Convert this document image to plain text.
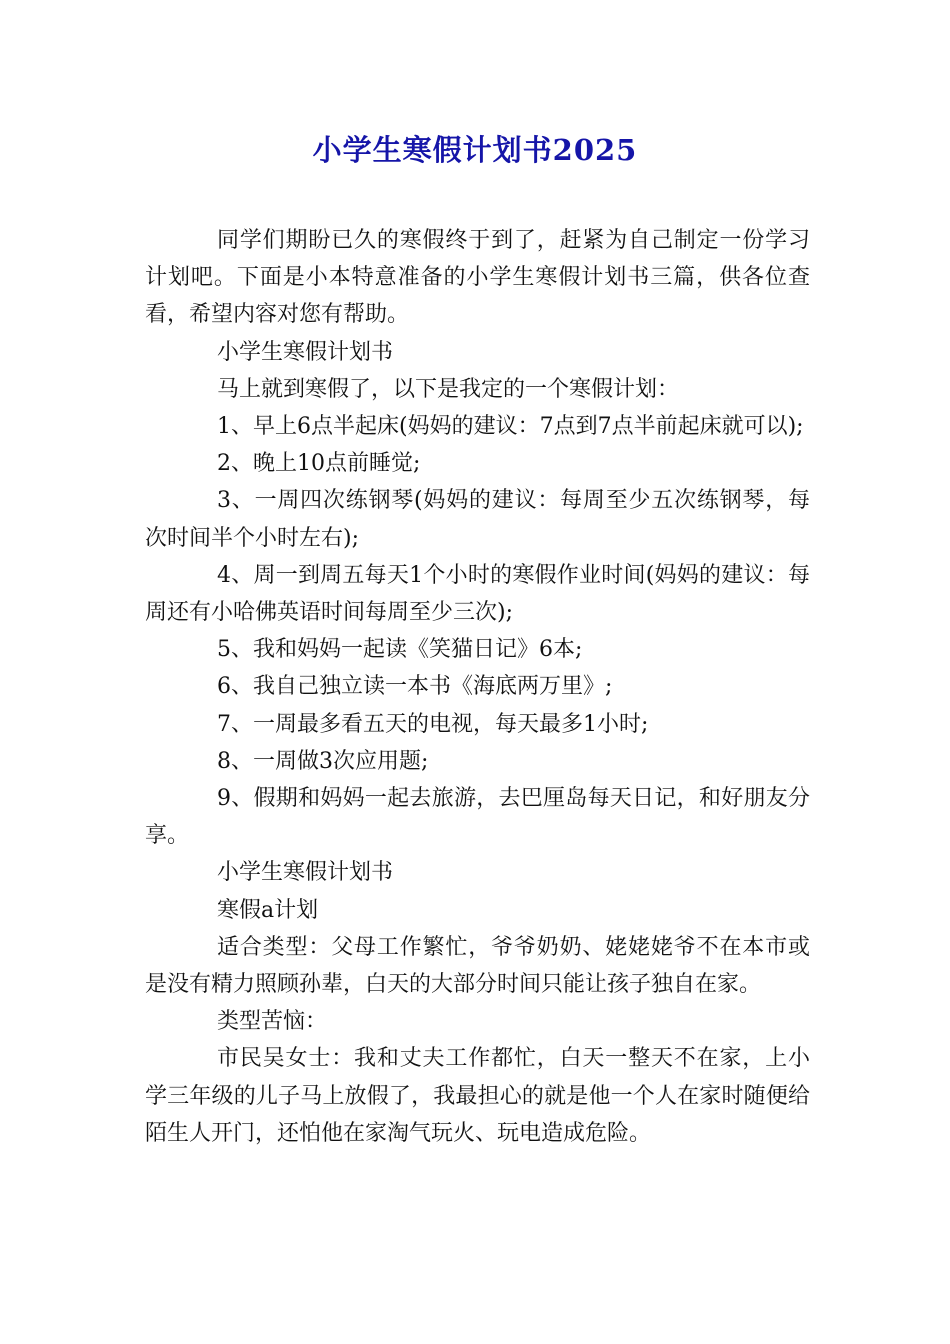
小学生寒假计划书2025

同学们期盼已久的寒假终于到了，赶紧为自己制定一份学习计划吧。下面是小本特意准备的小学生寒假计划书三篇，供各位查看，希望内容对您有帮助。

小学生寒假计划书

马上就到寒假了，以下是我定的一个寒假计划：

1、早上6点半起床(妈妈的建议：7点到7点半前起床就可以);

2、晚上10点前睡觉;

3、一周四次练钢琴(妈妈的建议：每周至少五次练钢琴，每次时间半个小时左右);

4、周一到周五每天1个小时的寒假作业时间(妈妈的建议：每周还有小哈佛英语时间每周至少三次);

5、我和妈妈一起读《笑猫日记》6本;

6、我自己独立读一本书《海底两万里》;

7、一周最多看五天的电视，每天最多1小时;

8、一周做3次应用题;

9、假期和妈妈一起去旅游，去巴厘岛每天日记，和好朋友分享。

小学生寒假计划书

寒假a计划

适合类型：父母工作繁忙，爷爷奶奶、姥姥姥爷不在本市或是没有精力照顾孙辈，白天的大部分时间只能让孩子独自在家。

类型苦恼：

市民吴女士：我和丈夫工作都忙，白天一整天不在家，上小学三年级的儿子马上放假了，我最担心的就是他一个人在家时随便给陌生人开门，还怕他在家淘气玩火、玩电造成危险。
